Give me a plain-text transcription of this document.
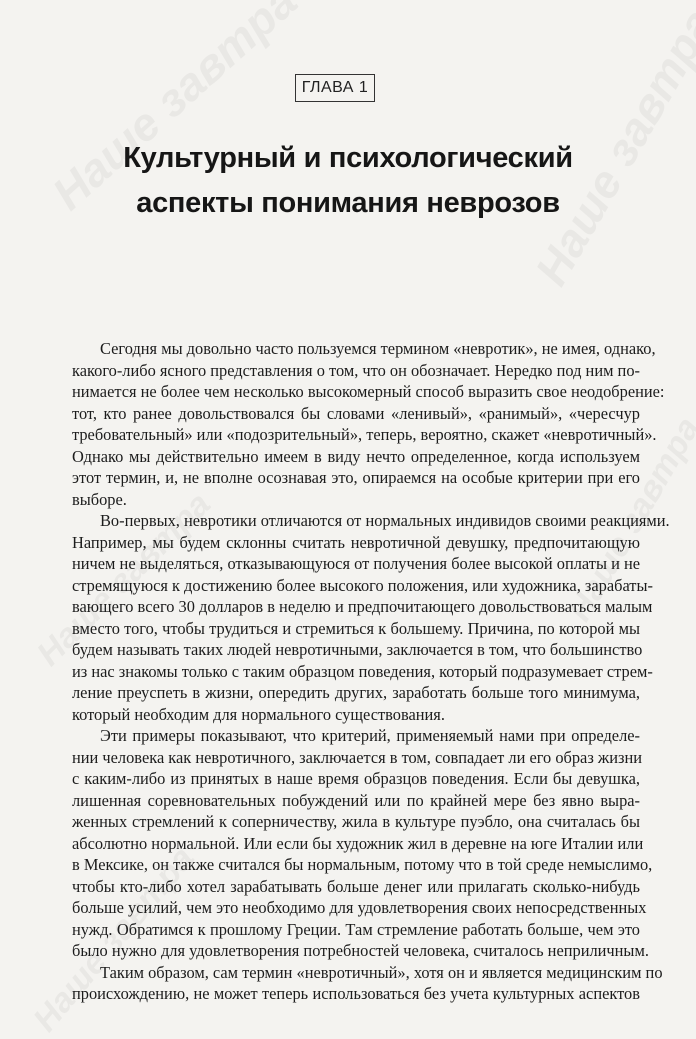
ГЛАВА 1
Культурный и психологический
аспекты понимания неврозов

Сегодня мы довольно часто пользуемся термином «невротик», не имея, однако,
какого-либо ясного представления о том, что он обозначает. Нередко под ним по-
нимается не более чем несколько высокомерный способ выразить свое неодобрение:
тот, кто ранее довольствовался бы словами «ленивый», «ранимый», «чересчур
требовательный» или «подозрительный», теперь, вероятно, скажет «невротичный».
Однако мы действительно имеем в виду нечто определенное, когда используем
этот термин, и, не вполне осознавая это, опираемся на особые критерии при его
выборе.

Во-первых, невротики отличаются от нормальных индивидов своими реакциями.
Например, мы будем склонны считать невротичной девушку, предпочитающую
ничем не выделяться, отказывающуюся от получения более высокой оплаты и не
стремящуюся к достижению более высокого положения, или художника, зарабаты-
вающего всего 30 долларов в неделю и предпочитающего довольствоваться малым
вместо того, чтобы трудиться и стремиться к большему. Причина, по которой мы
будем называть таких людей невротичными, заключается в том, что большинство
из нас знакомы только с таким образцом поведения, который подразумевает стрем-
ление преуспеть в жизни, опередить других, заработать больше того минимума,
который необходим для нормального существования.

Эти примеры показывают, что критерий, применяемый нами при определе-
нии человека как невротичного, заключается в том, совпадает ли его образ жизни
с каким-либо из принятых в наше время образцов поведения. Если бы девушка,
лишенная соревновательных побуждений или по крайней мере без явно выра-
женных стремлений к соперничеству, жила в культуре пуэбло, она считалась бы
абсолютно нормальной. Или если бы художник жил в деревне на юге Италии или
в Мексике, он также считался бы нормальным, потому что в той среде немыслимо,
чтобы кто-либо хотел зарабатывать больше денег или прилагать сколько-нибудь
больше усилий, чем это необходимо для удовлетворения своих непосредственных
нужд. Обратимся к прошлому Греции. Там стремление работать больше, чем это
было нужно для удовлетворения потребностей человека, считалось неприличным.

Таким образом, сам термин «невротичный», хотя он и является медицинским по
происхождению, не может теперь использоваться без учета культурных аспектов
